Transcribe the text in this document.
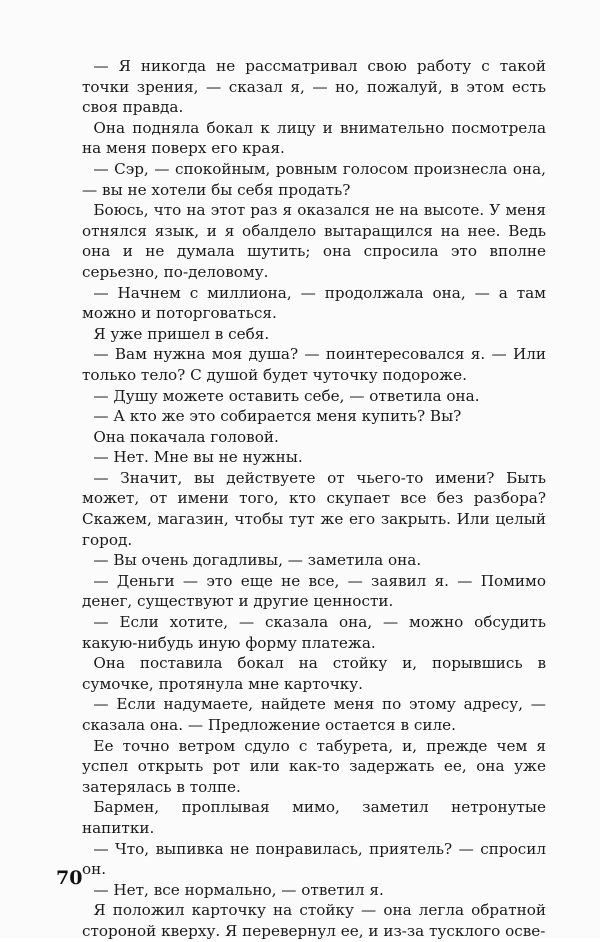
— Я никогда не рассматривал свою работу с такой точки зрения, — сказал я, — но, пожалуй, в этом есть своя правда.

Она подняла бокал к лицу и внимательно посмотрела на меня поверх его края.

— Сэр, — спокойным, ровным голосом произнесла она, — вы не хотели бы себя продать?

Боюсь, что на этот раз я оказался не на высоте. У меня отнялся язык, и я обалдело вытаращился на нее. Ведь она и не думала шутить; она спросила это вполне серьезно, по-деловому.

— Начнем с миллиона, — продолжала она, — а там можно и поторговаться.

Я уже пришел в себя.

— Вам нужна моя душа? — поинтересовался я. — Или только тело? С душой будет чуточку подороже.

— Душу можете оставить себе, — ответила она.

— А кто же это собирается меня купить? Вы?

Она покачала головой.

— Нет. Мне вы не нужны.

— Значит, вы действуете от чьего-то имени? Быть может, от имени того, кто скупает все без разбора? Скажем, магазин, чтобы тут же его закрыть. Или целый город.

— Вы очень догадливы, — заметила она.

— Деньги — это еще не все, — заявил я. — Помимо денег, существуют и другие ценности.

— Если хотите, — сказала она, — можно обсудить какую-нибудь иную форму платежа.

Она поставила бокал на стойку и, порывшись в сумочке, протянула мне карточку.

— Если надумаете, найдете меня по этому адресу, — сказала она. — Предложение остается в силе.

Ее точно ветром сдуло с табурета, и, прежде чем я успел открыть рот или как-то задержать ее, она уже затерялась в толпе.

Бармен, проплывая мимо, заметил нетронутые напитки.

— Что, выпивка не понравилась, приятель? — спросил он.

— Нет, все нормально, — ответил я.

Я положил карточку на стойку — она легла обратной стороной кверху. Я перевернул ее, и из-за тусклого осве-

70
